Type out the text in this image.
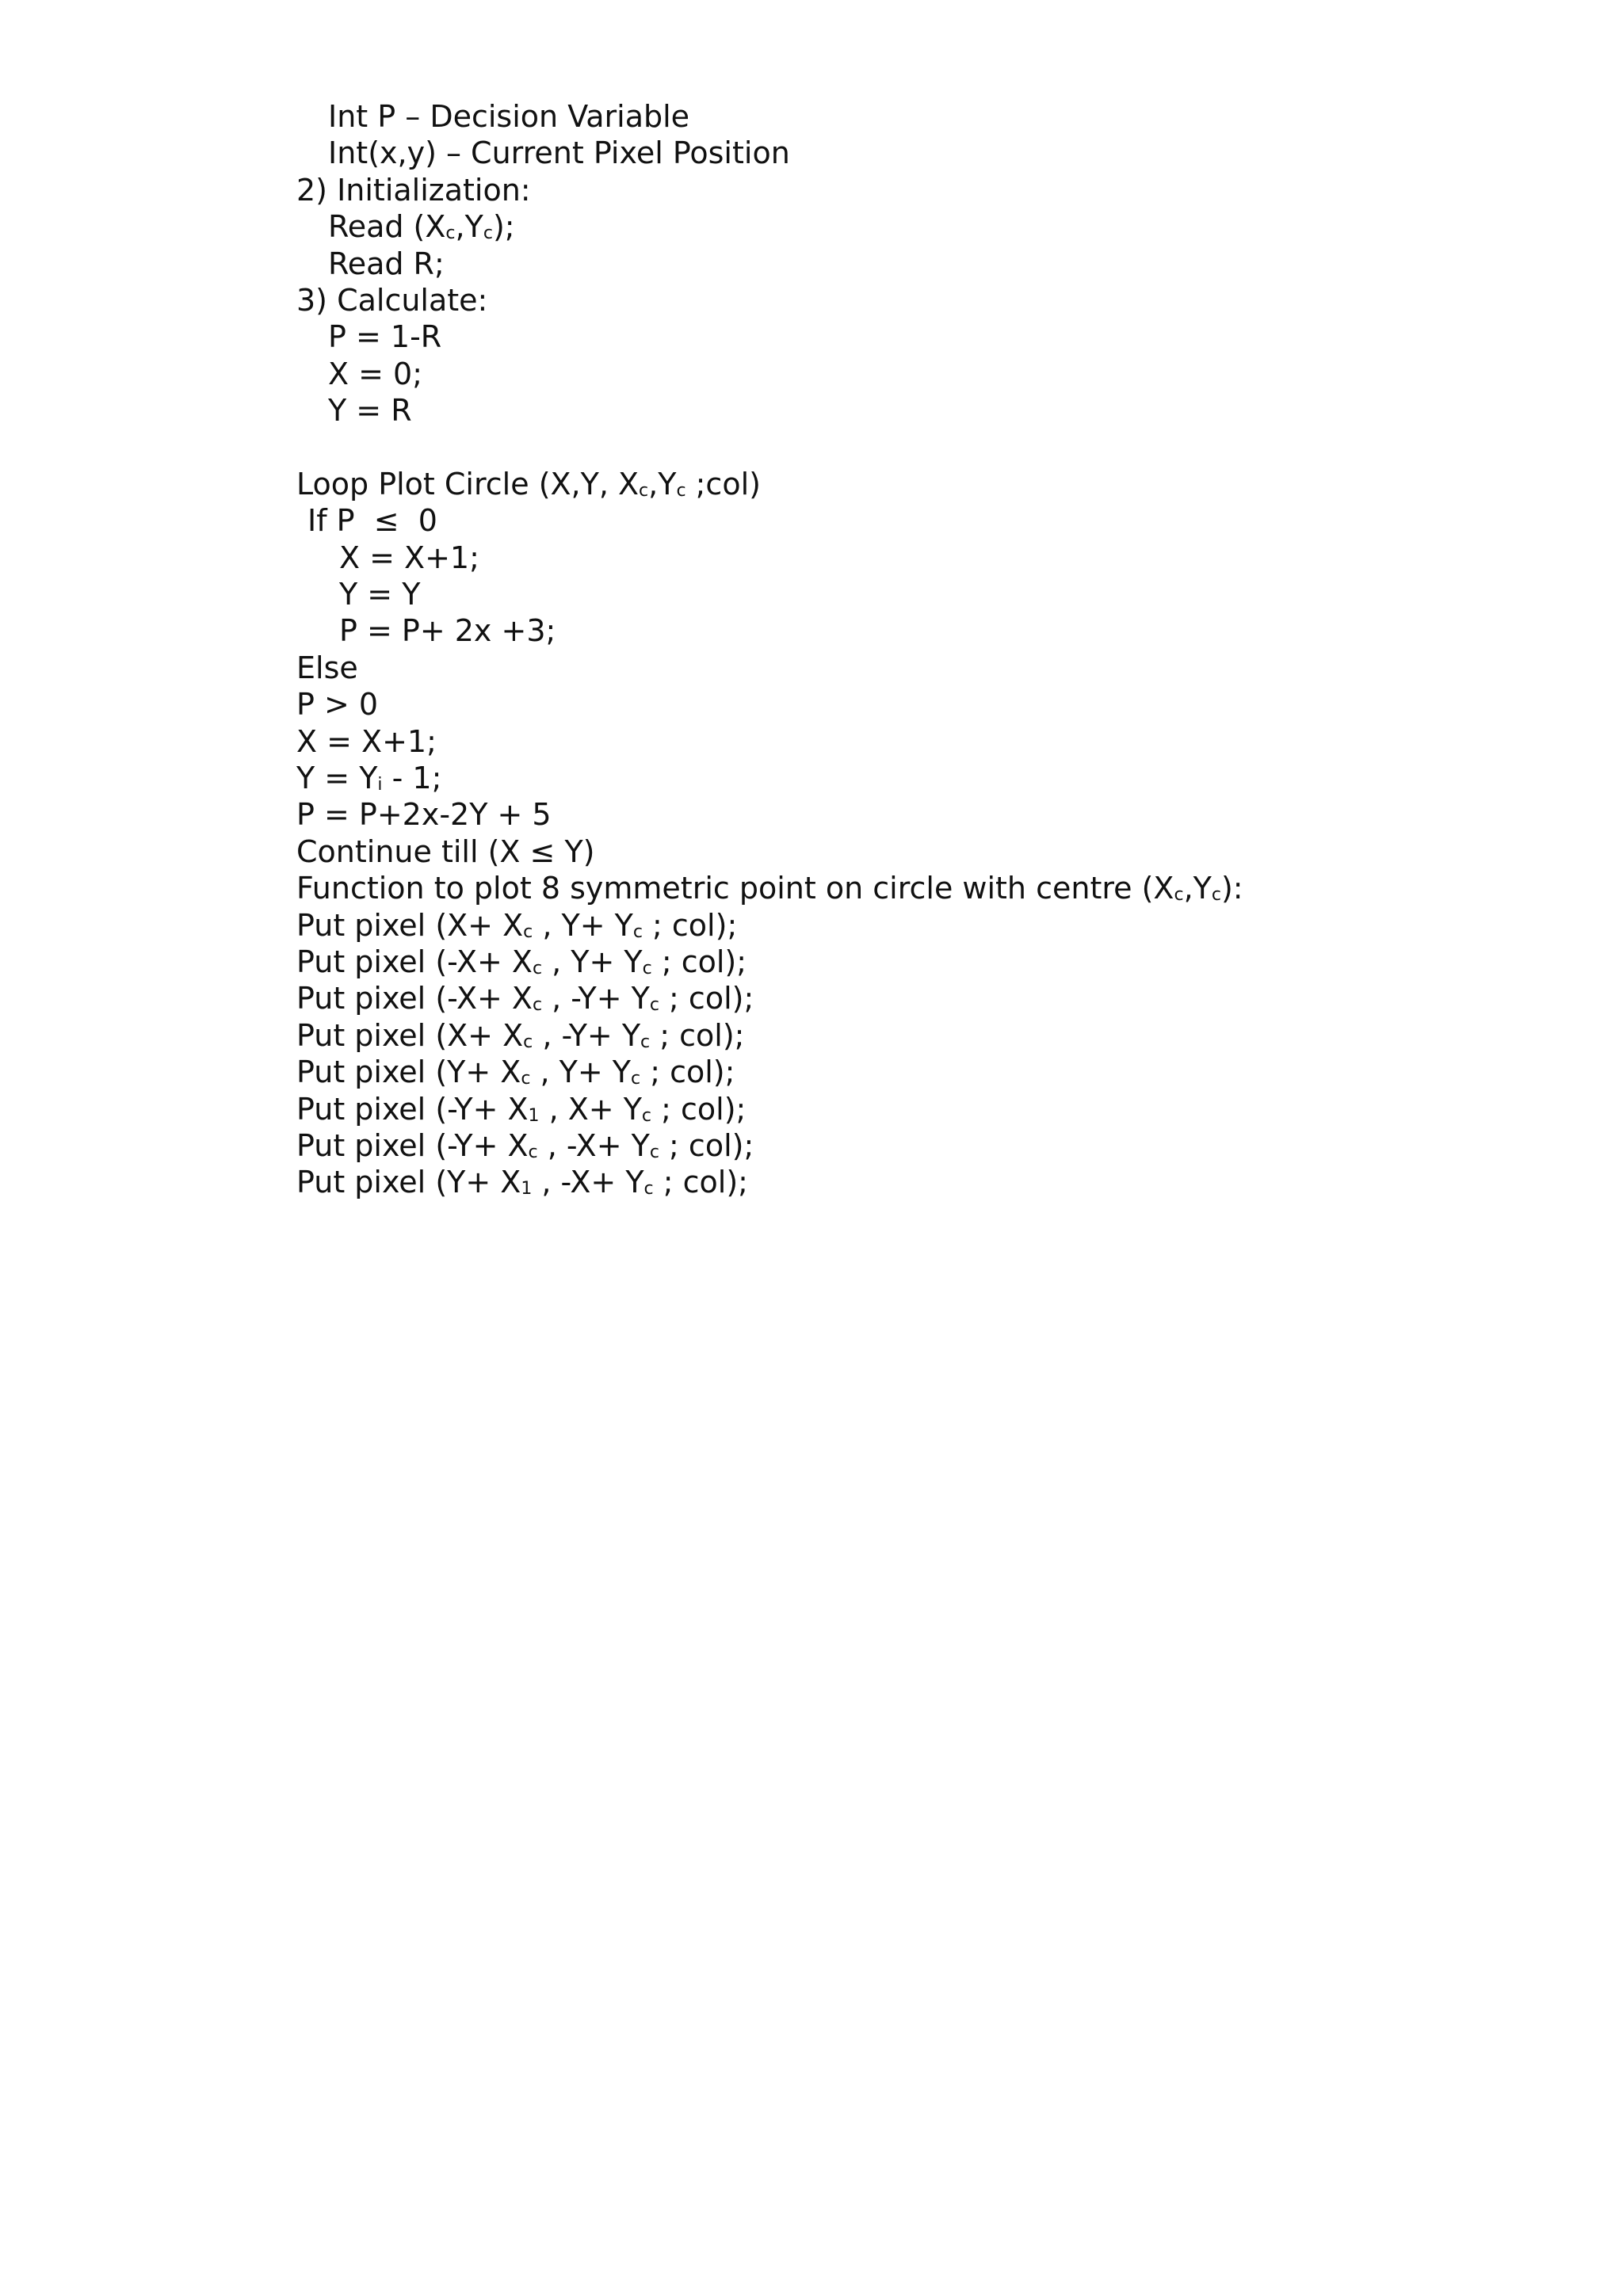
Int P – Decision Variable
Int(x,y) – Current Pixel Position
2) Initialization:
Read (Xc,Yc);
Read R;
3) Calculate:
P = 1-R
X = 0;
Y = R
Loop Plot Circle (X,Y, Xc,Yc ;col)
If P  ≤  0
X = X+1;
Y = Y
P = P+ 2x +3;
Else
P > 0
X = X+1;
Y = Yi - 1;
P = P+2x-2Y + 5
Continue till (X ≤ Y)
Function to plot 8 symmetric point on circle with centre (Xc,Yc):
Put pixel (X+ Xc , Y+ Yc ; col);
Put pixel (-X+ Xc , Y+ Yc ; col);
Put pixel (-X+ Xc , -Y+ Yc ; col);
Put pixel (X+ Xc , -Y+ Yc ; col);
Put pixel (Y+ Xc , Y+ Yc ; col);
Put pixel (-Y+ X1 , X+ Yc ; col);
Put pixel (-Y+ Xc , -X+ Yc ; col);
Put pixel (Y+ X1 , -X+ Yc ; col);
